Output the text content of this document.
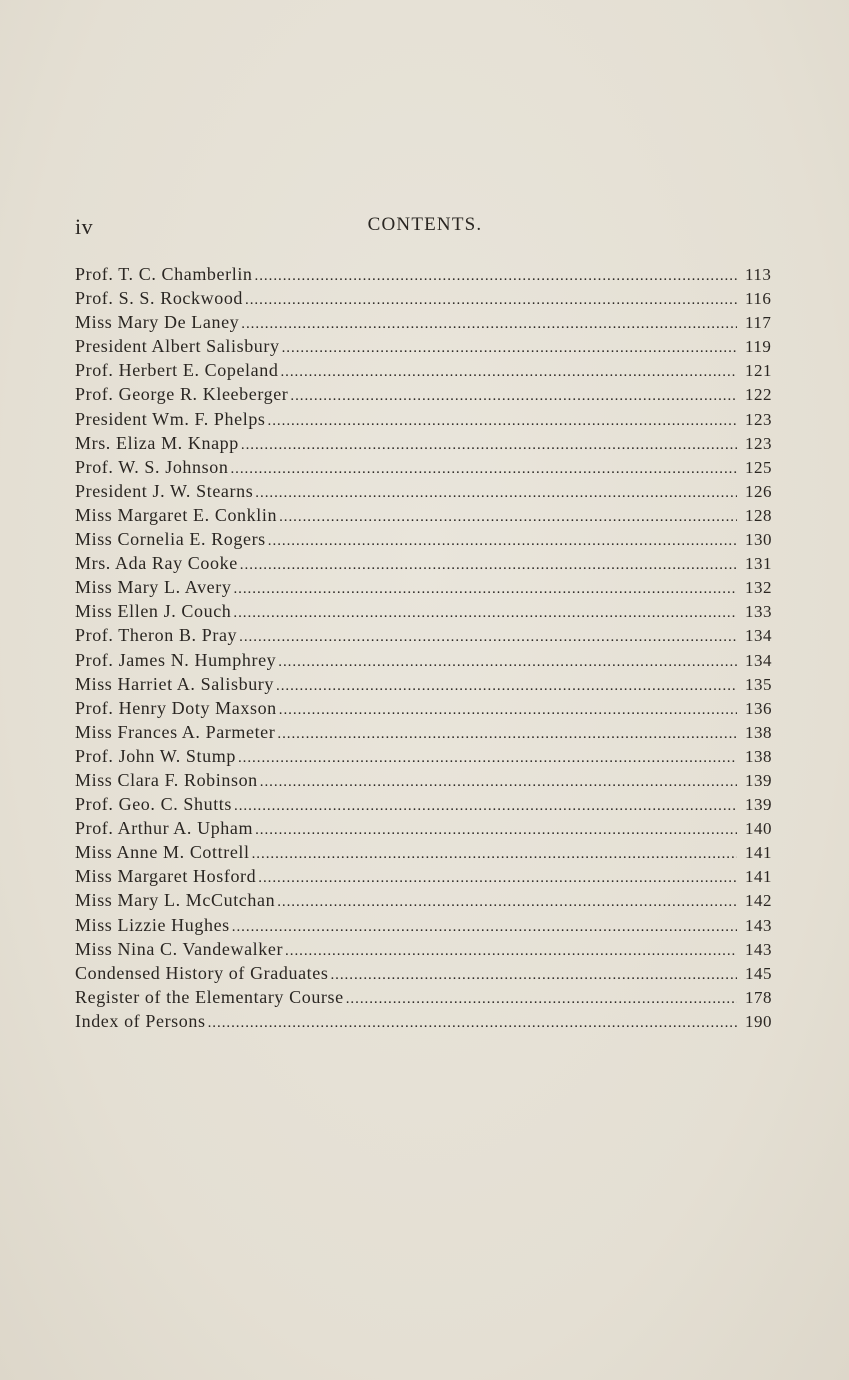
iv	CONTENTS.
Prof. T. C. Chamberlin . . .	113
Prof. S. S. Rockwood . . .	116
Miss Mary De Laney . . .	117
President Albert Salisbury . . .	119
Prof. Herbert E. Copeland . . .	121
Prof. George R. Kleeberger . . .	122
President Wm. F. Phelps . . .	123
Mrs. Eliza M. Knapp . . .	123
Prof. W. S. Johnson . . .	125
President J. W. Stearns . . .	126
Miss Margaret E. Conklin . . .	128
Miss Cornelia E. Rogers . . .	130
Mrs. Ada Ray Cooke . . .	131
Miss Mary L. Avery . . .	132
Miss Ellen J. Couch . . .	133
Prof. Theron B. Pray . . .	134
Prof. James N. Humphrey . . .	134
Miss Harriet A. Salisbury . . .	135
Prof. Henry Doty Maxson . . .	136
Miss Frances A. Parmeter . . .	138
Prof. John W. Stump . . .	138
Miss Clara F. Robinson . . .	139
Prof. Geo. C. Shutts . . .	139
Prof. Arthur A. Upham . . .	140
Miss Anne M. Cottrell . . .	141
Miss Margaret Hosford . . .	141
Miss Mary L. McCutchan . . .	142
Miss Lizzie Hughes . . .	143
Miss Nina C. Vandewalker . . .	143
Condensed History of Graduates . . .	145
Register of the Elementary Course . . .	178
Index of Persons . . .	190
